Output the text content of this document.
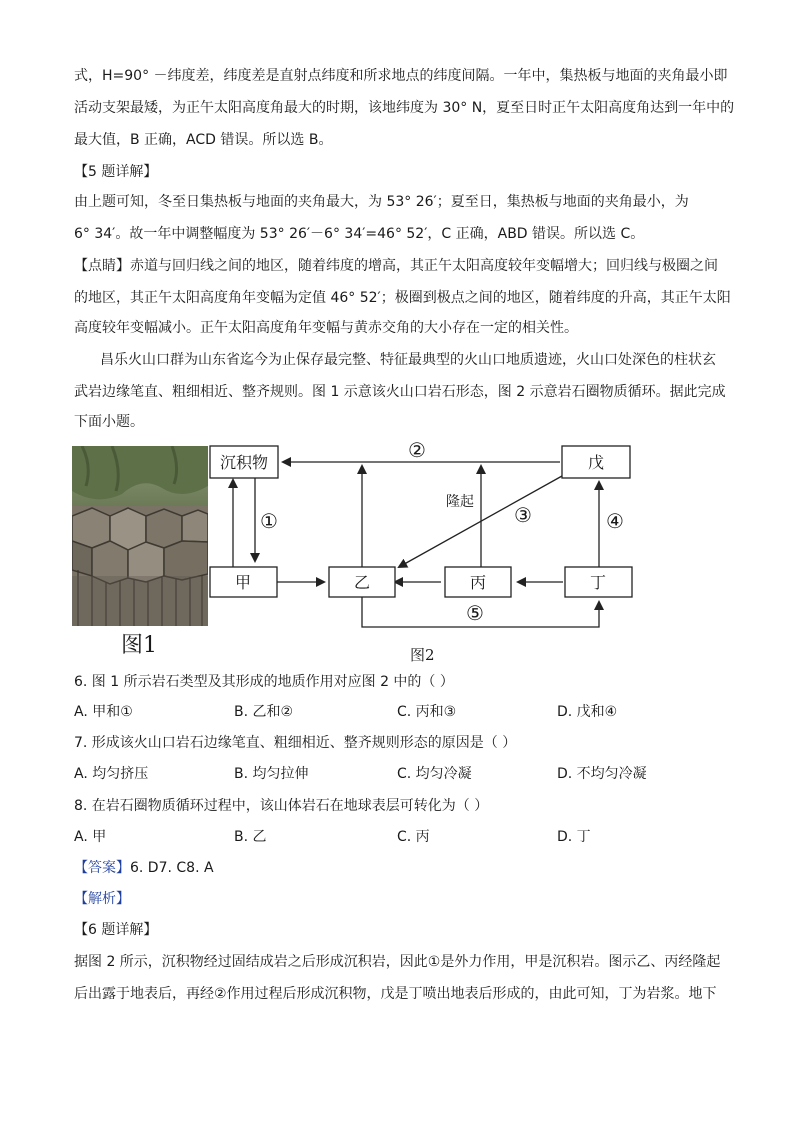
式，H=90° －纬度差，纬度差是直射点纬度和所求地点的纬度间隔。一年中，集热板与地面的夹角最小即
活动支架最矮，为正午太阳高度角最大的时期，该地纬度为 30° N，夏至日时正午太阳高度角达到一年中的
最大值，B 正确，ACD 错误。所以选 B。
【5 题详解】
由上题可知，冬至日集热板与地面的夹角最大，为 53° 26′；夏至日，集热板与地面的夹角最小，为
6° 34′。故一年中调整幅度为 53° 26′－6° 34′=46° 52′，C 正确，ABD 错误。所以选 C。
【点睛】赤道与回归线之间的地区，随着纬度的增高，其正午太阳高度较年变幅增大；回归线与极圈之间
的地区，其正午太阳高度角年变幅为定值 46° 52′；极圈到极点之间的地区，随着纬度的升高，其正午太阳
高度较年变幅减小。正午太阳高度角年变幅与黄赤交角的大小存在一定的相关性。
昌乐火山口群为山东省迄今为止保存最完整、特征最典型的火山口地质遗迹，火山口处深色的柱状玄
武岩边缘笔直、粗细相近、整齐规则。图 1 示意该火山口岩石形态，图 2 示意岩石圈物质循环。据此完成
下面小题。
图1
沉积物
甲	乙	丙	丁
戊
②
①	③	④
⑤
隆起
图2
6. 图 1 所示岩石类型及其形成的地质作用对应图 2 中的（ ）
A. 甲和①	B. 乙和②	C. 丙和③	D. 戊和④
7. 形成该火山口岩石边缘笔直、粗细相近、整齐规则形态的原因是（ ）
A. 均匀挤压	B. 均匀拉伸	C. 均匀冷凝	D. 不均匀冷凝
8. 在岩石圈物质循环过程中，该山体岩石在地球表层可转化为（ ）
A. 甲	B. 乙	C. 丙	D. 丁
【答案】6. D7. C8. A
【解析】
【6 题详解】
据图 2 所示，沉积物经过固结成岩之后形成沉积岩，因此①是外力作用，甲是沉积岩。图示乙、丙经隆起
后出露于地表后，再经②作用过程后形成沉积物，戊是丁喷出地表后形成的，由此可知，丁为岩浆。地下
